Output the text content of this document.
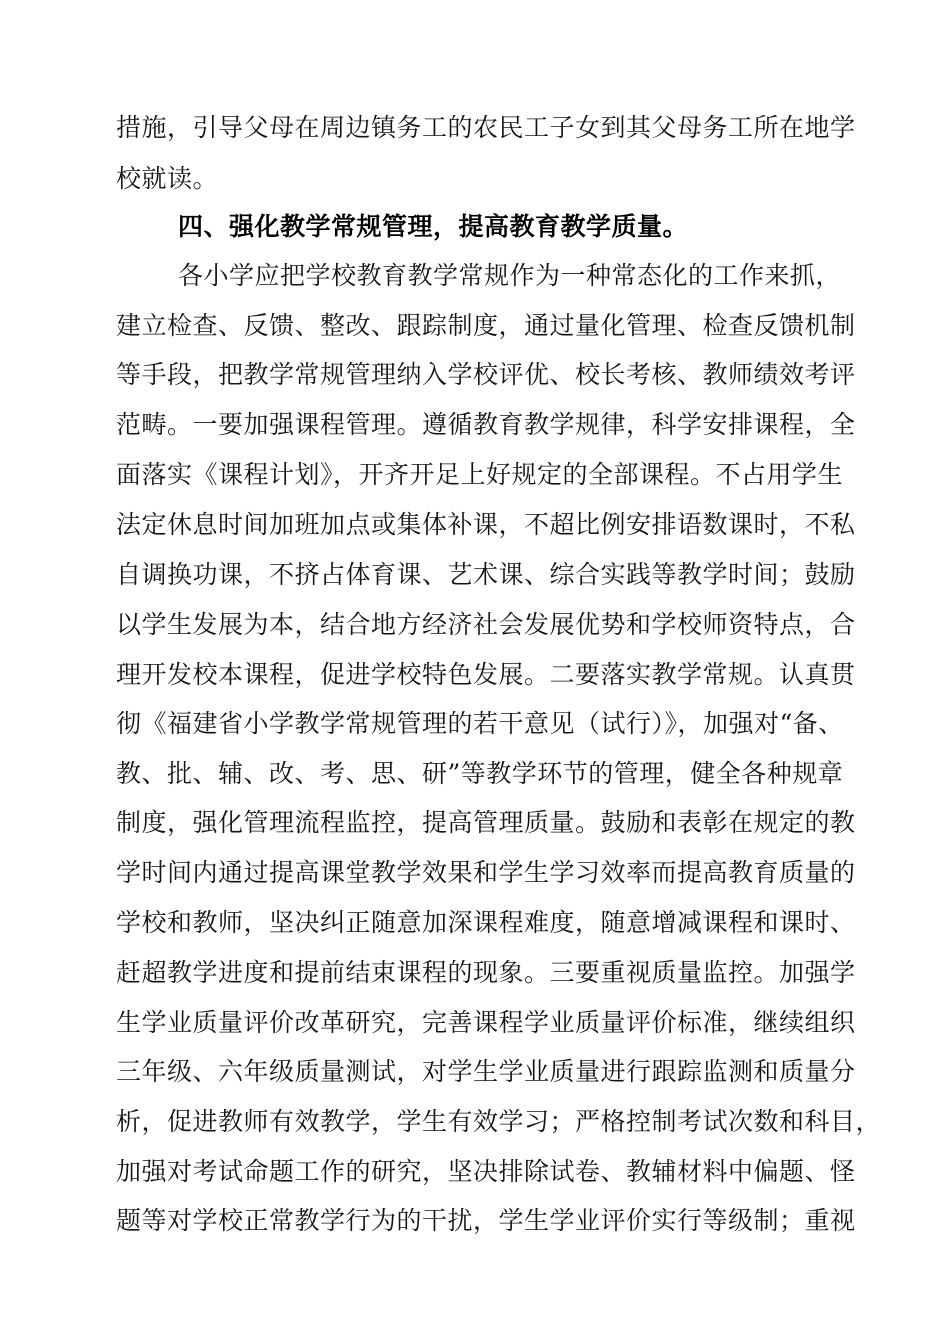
措施，引导父母在周边镇务工的农民工子女到其父母务工所在地学

校就读。

四、强化教学常规管理，提高教育教学质量。

各小学应把学校教育教学常规作为一种常态化的工作来抓，

建立检查、反馈、整改、跟踪制度，通过量化管理、检查反馈机制

等手段，把教学常规管理纳入学校评优、校长考核、教师绩效考评

范畴。一要加强课程管理。遵循教育教学规律，科学安排课程，全

面落实《课程计划》，开齐开足上好规定的全部课程。不占用学生

法定休息时间加班加点或集体补课，不超比例安排语数课时，不私

自调换功课，不挤占体育课、艺术课、综合实践等教学时间；鼓励

以学生发展为本，结合地方经济社会发展优势和学校师资特点，合

理开发校本课程，促进学校特色发展。二要落实教学常规。认真贯

彻《福建省小学教学常规管理的若干意见（试行）》，加强对“备、

教、批、辅、改、考、思、研”等教学环节的管理，健全各种规章

制度，强化管理流程监控，提高管理质量。鼓励和表彰在规定的教

学时间内通过提高课堂教学效果和学生学习效率而提高教育质量的

学校和教师，坚决纠正随意加深课程难度，随意增减课程和课时、

赶超教学进度和提前结束课程的现象。三要重视质量监控。加强学

生学业质量评价改革研究，完善课程学业质量评价标准，继续组织

三年级、六年级质量测试，对学生学业质量进行跟踪监测和质量分

析，促进教师有效教学，学生有效学习；严格控制考试次数和科目，

加强对考试命题工作的研究，坚决排除试卷、教辅材料中偏题、怪

题等对学校正常教学行为的干扰，学生学业评价实行等级制；重视
